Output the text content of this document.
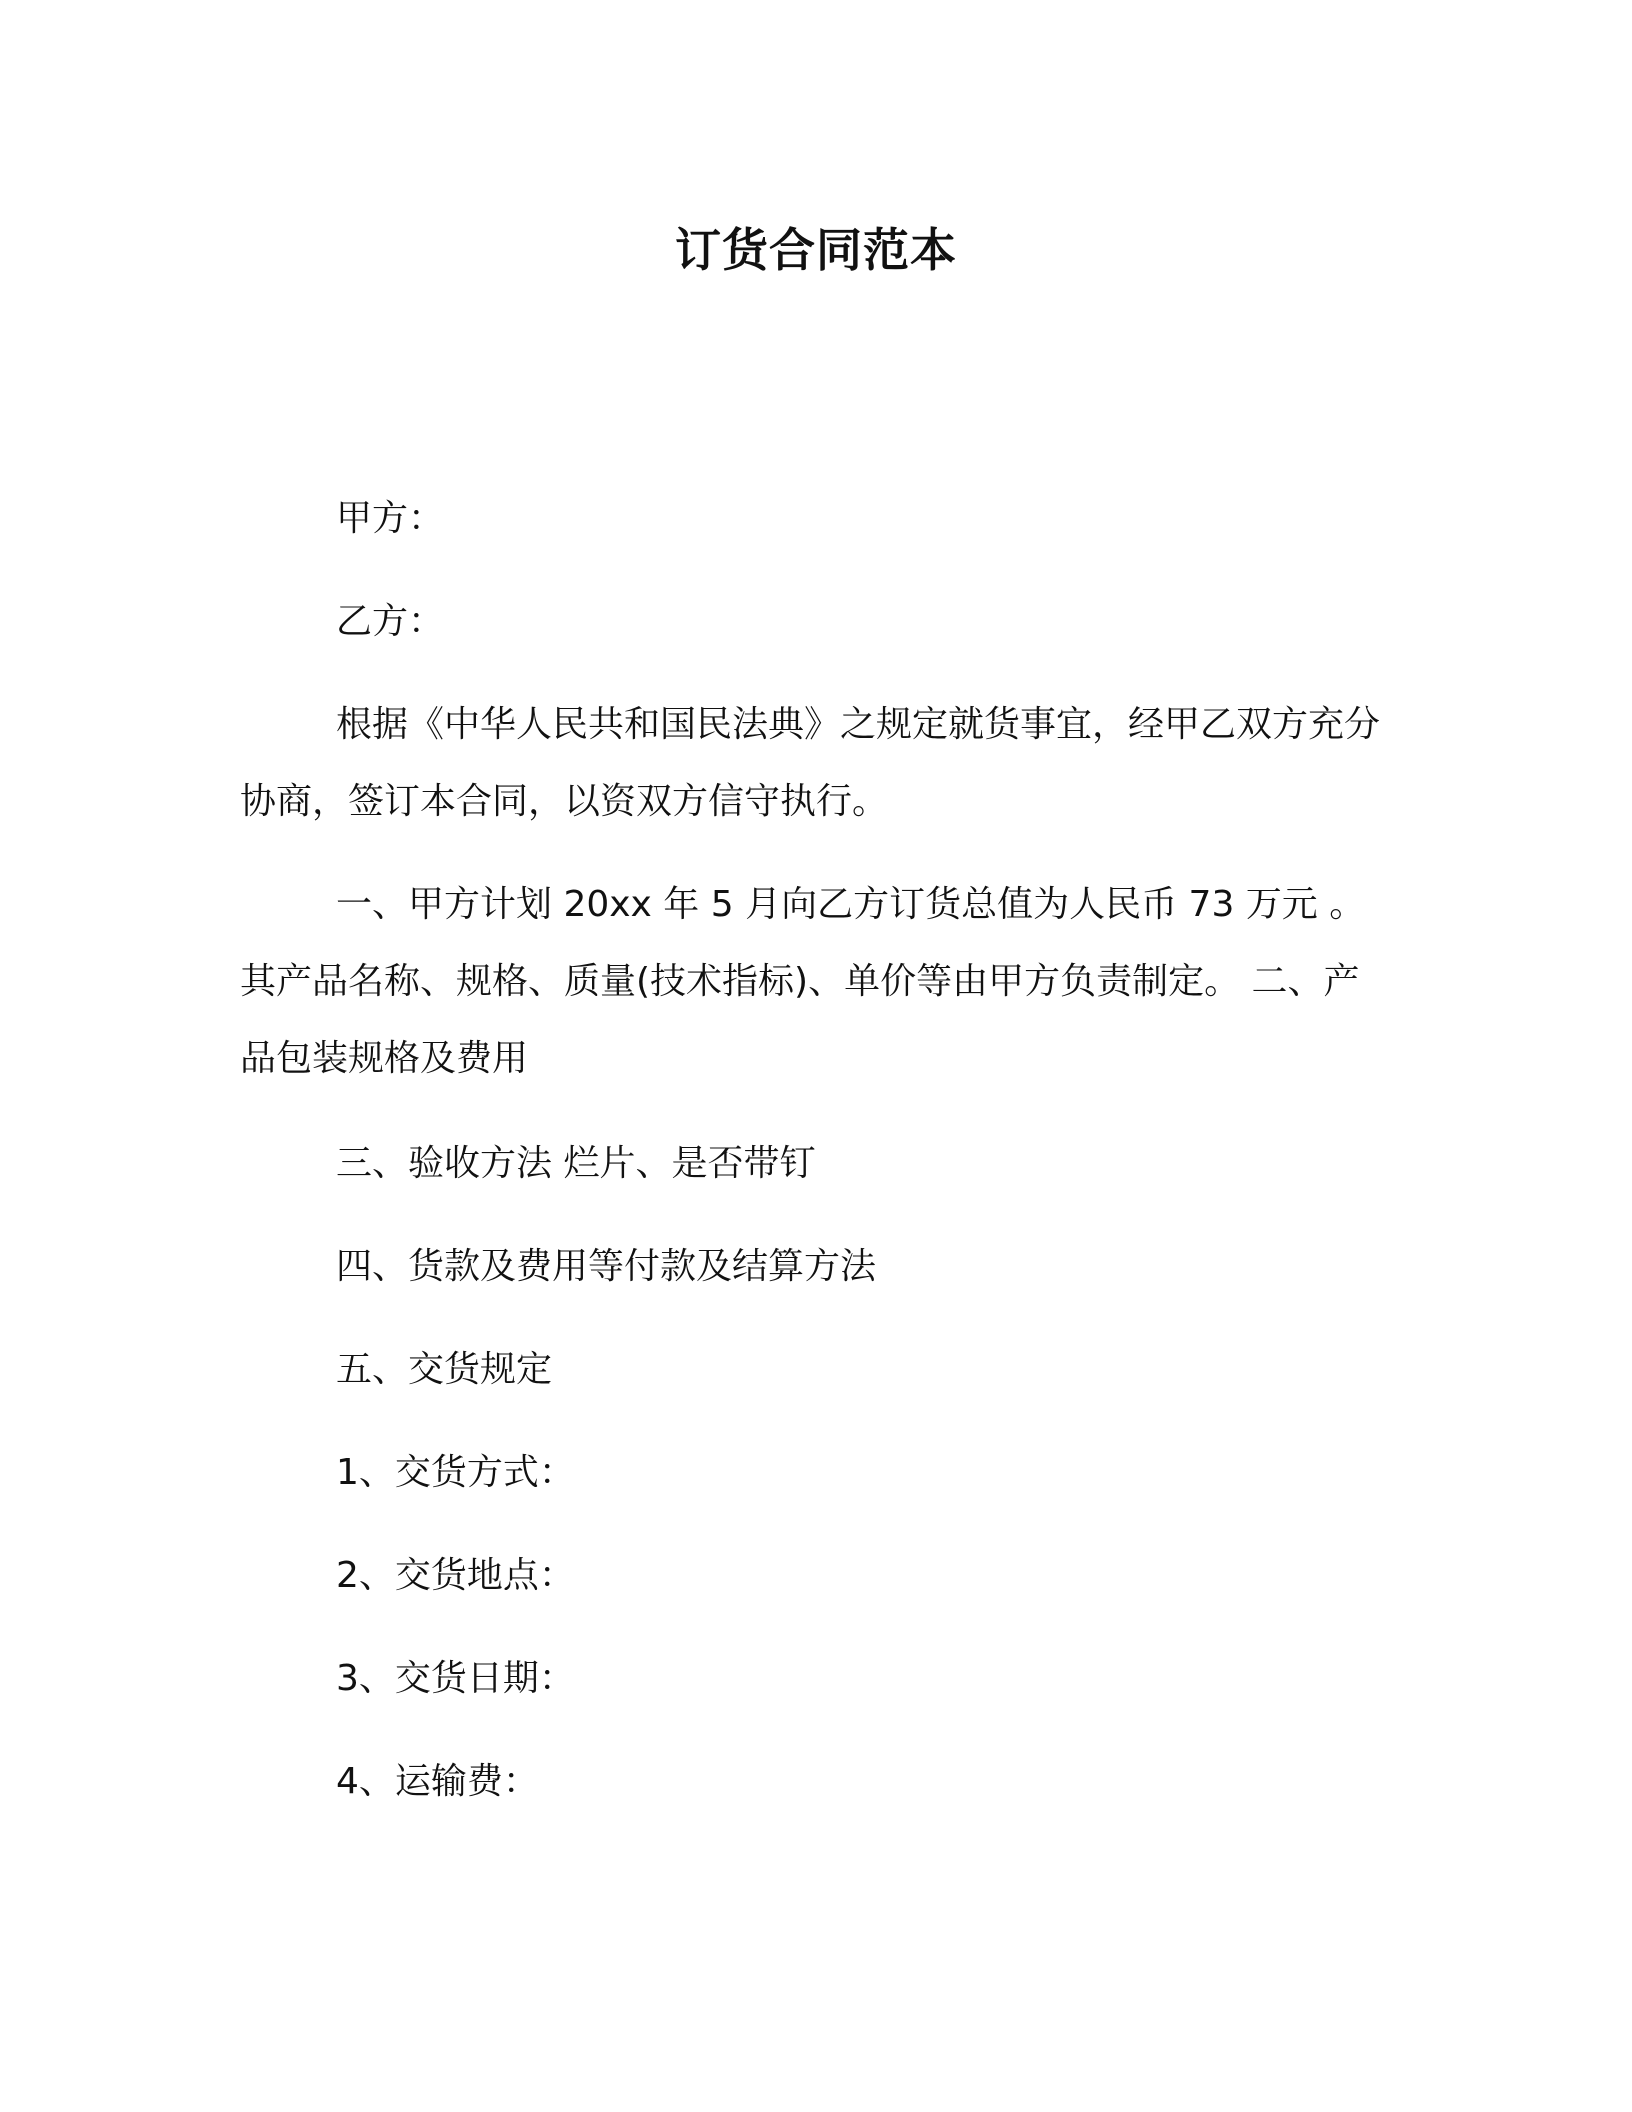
订货合同范本

甲方：

乙方：

根据《中华人民共和国民法典》之规定就货事宜，经甲乙双方充分协商，签订本合同，以资双方信守执行。

一、甲方计划 20xx 年 5 月向乙方订货总值为人民币 73 万元 。其产品名称、规格、质量(技术指标)、单价等由甲方负责制定。 二、产品包装规格及费用

三、验收方法 烂片、是否带钉

四、货款及费用等付款及结算方法

五、交货规定

1、交货方式：

2、交货地点：

3、交货日期：

4、运输费：
